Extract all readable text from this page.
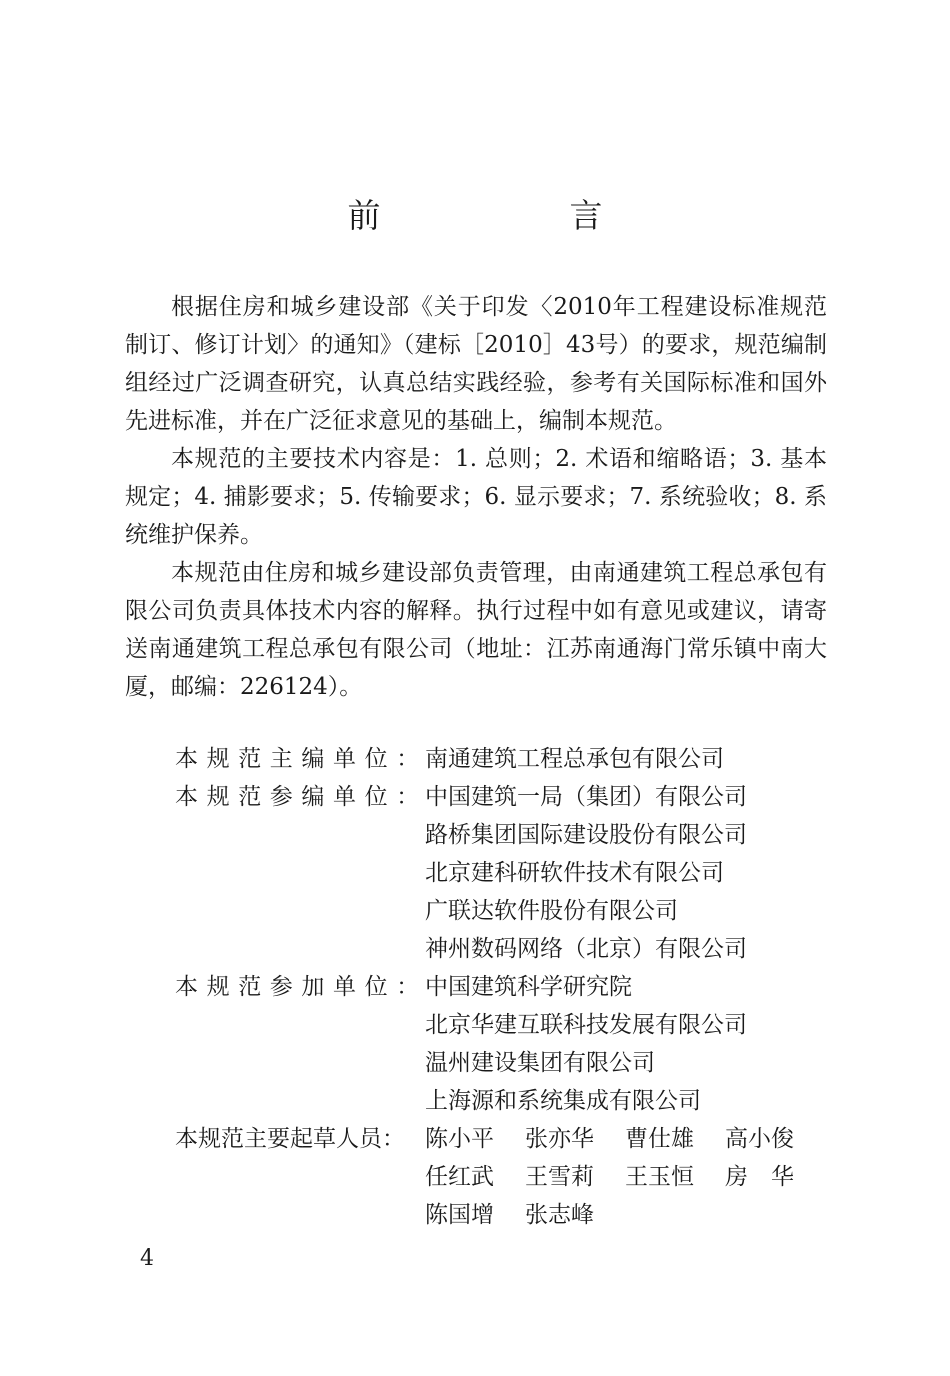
前　言

根据住房和城乡建设部《关于印发〈2010年工程建设标准规范制订、修订计划〉的通知》（建标［2010］43号）的要求，规范编制组经过广泛调查研究，认真总结实践经验，参考有关国际标准和国外先进标准，并在广泛征求意见的基础上，编制本规范。

本规范的主要技术内容是：1. 总则；2. 术语和缩略语；3. 基本规定；4. 捕影要求；5. 传输要求；6. 显示要求；7. 系统验收；8. 系统维护保养。

本规范由住房和城乡建设部负责管理，由南通建筑工程总承包有限公司负责具体技术内容的解释。执行过程中如有意见或建议，请寄送南通建筑工程总承包有限公司（地址：江苏南通海门常乐镇中南大厦，邮编：226124）。

本规范主编单位：
南通建筑工程总承包有限公司
本规范参编单位：
中国建筑一局（集团）有限公司
路桥集团国际建设股份有限公司
北京建科研软件技术有限公司
广联达软件股份有限公司
神州数码网络（北京）有限公司
本规范参加单位：
中国建筑科学研究院
北京华建互联科技发展有限公司
温州建设集团有限公司
上海源和系统集成有限公司
本规范主要起草人员： 陈小平	张亦华	曹仕雄	高小俊
任红武	王雪莉	王玉恒	房　华
陈国增	张志峰
4
